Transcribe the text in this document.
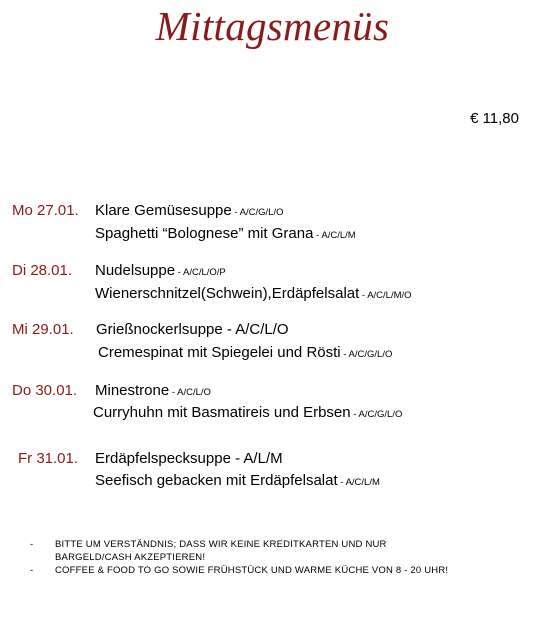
Mittagsmenüs
€ 11,80
Mo 27.01. Klare Gemüsesuppe - A/C/G/L/O
Spaghetti “Bolognese” mit Grana - A/C/L/M
Di 28.01. Nudelsuppe - A/C/L/O/P
Wienerschnitzel(Schwein),Erdäpfelsalat - A/C/L/M/O
Mi 29.01. Grießnockerlsuppe - A/C/L/O
Cremespinat mit Spiegelei und Rösti - A/C/G/L/O
Do 30.01. Minestrone - A/C/L/O
Curryhuhn mit Basmatireis und Erbsen - A/C/G/L/O
Fr 31.01. Erdäpfelspecksuppe - A/L/M
Seefisch gebacken mit Erdäpfelsalat - A/C/L/M
-	BITTE UM VERSTÄNDNIS; DASS WIR KEINE KREDITKARTEN UND NUR
BARGELD/CASH AKZEPTIEREN!
-	COFFEE & FOOD TO GO SOWIE FRÜHSTÜCK UND WARME KÜCHE VON 8 - 20 UHR!
